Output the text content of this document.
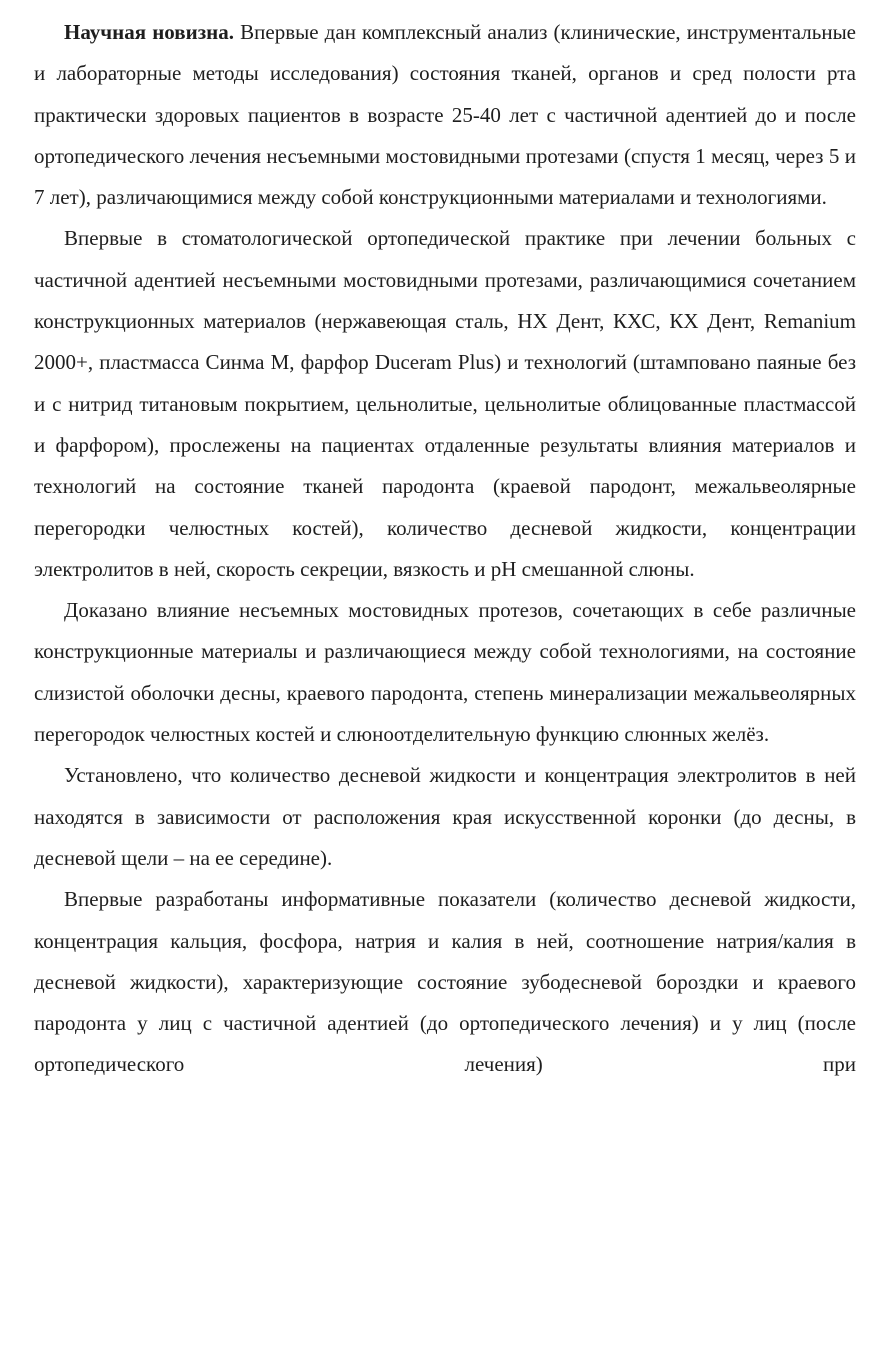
Научная новизна. Впервые дан комплексный анализ (клинические, инструментальные и лабораторные методы исследования) состояния тканей, органов и сред полости рта практически здоровых пациентов в возрасте 25-40 лет с частичной адентией до и после ортопедического лечения несъемными мостовидными протезами (спустя 1 месяц, через 5 и 7 лет), различающимися между собой конструкционными материалами и технологиями.

Впервые в стоматологической ортопедической практике при лечении больных с частичной адентией несъемными мостовидными протезами, различающимися сочетанием конструкционных материалов (нержавеющая сталь, НХ Дент, КХС, КХ Дент, Remanium 2000+, пластмасса Синма М, фарфор Duceram Plus) и технологий (штамповано паяные без и с нитрид титановым покрытием, цельнолитые, цельнолитые облицованные пластмассой и фарфором), прослежены на пациентах отдаленные результаты влияния материалов и технологий на состояние тканей пародонта (краевой пародонт, межальвеолярные перегородки челюстных костей), количество десневой жидкости, концентрации электролитов в ней, скорость секреции, вязкость и pH смешанной слюны.

Доказано влияние несъемных мостовидных протезов, сочетающих в себе различные конструкционные материалы и различающиеся между собой технологиями, на состояние слизистой оболочки десны, краевого пародонта, степень минерализации межальвеолярных перегородок челюстных костей и слюноотделительную функцию слюнных желёз.

Установлено, что количество десневой жидкости и концентрация электролитов в ней находятся в зависимости от расположения края искусственной коронки (до десны, в десневой щели – на ее середине).

Впервые разработаны информативные показатели (количество десневой жидкости, концентрация кальция, фосфора, натрия и калия в ней, соотношение натрия/калия в десневой жидкости), характеризующие состояние зубодесневой бороздки и краевого пародонта у лиц с частичной адентией (до ортопедического лечения) и у лиц (после ортопедического лечения) при
